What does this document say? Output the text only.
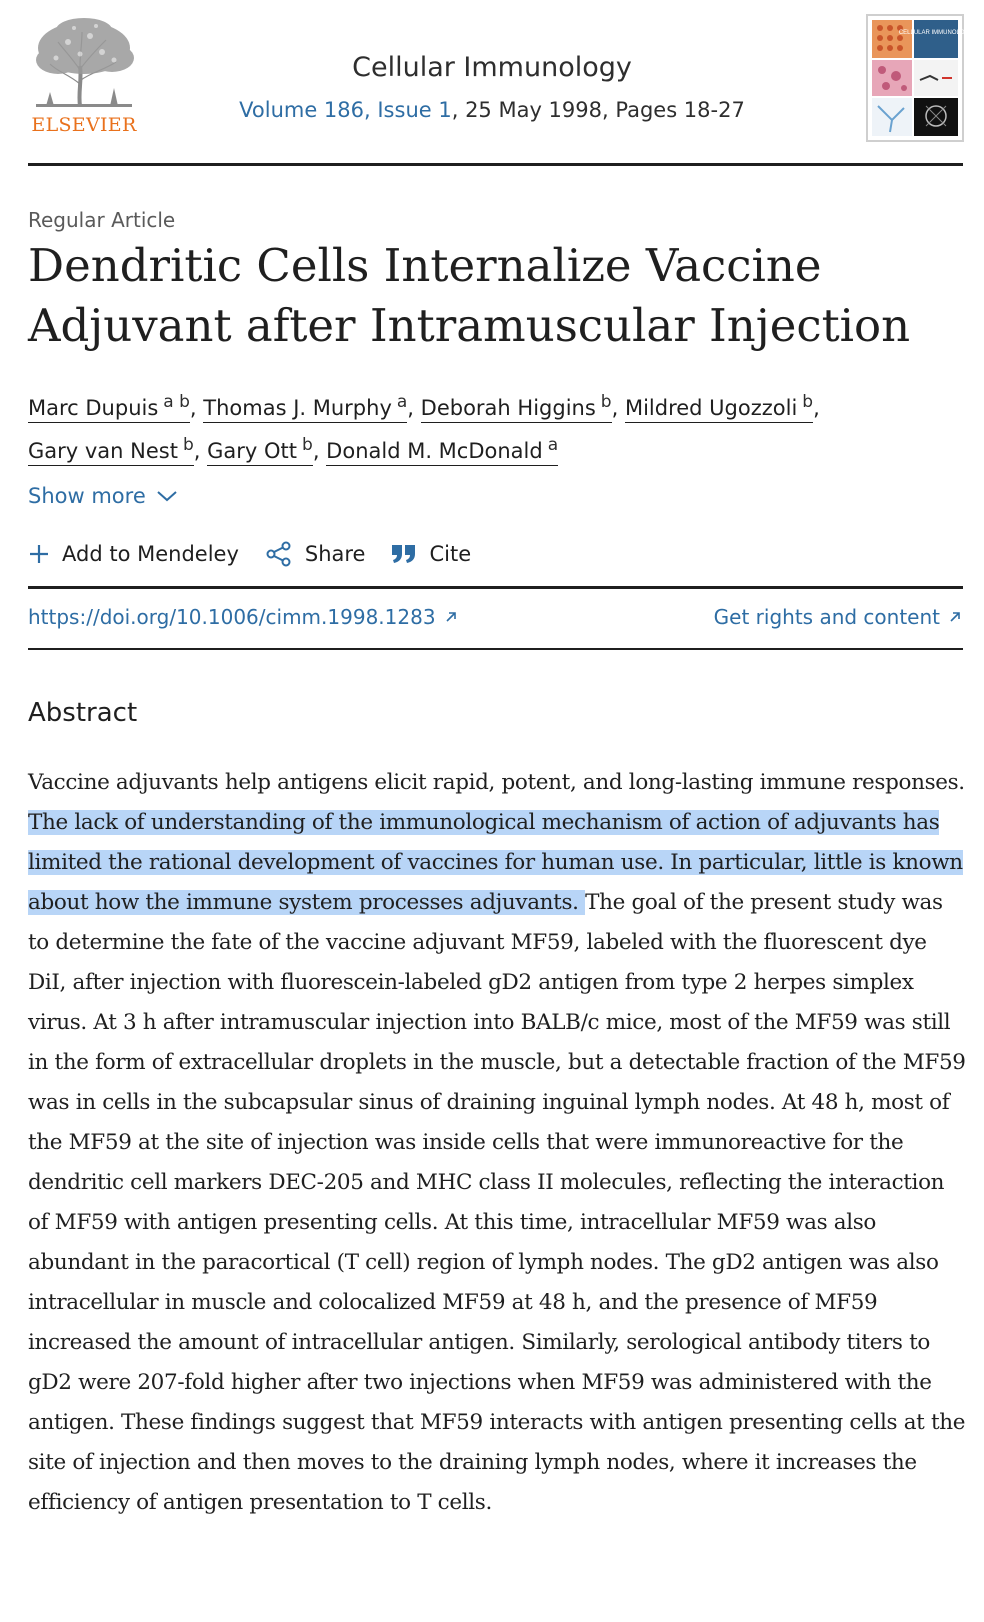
ELSEVIER
Cellular Immunology
Volume 186, Issue 1, 25 May 1998, Pages 18-27
CELLULAR IMMUNOLOGY
Regular Article
Dendritic Cells Internalize Vaccine Adjuvant after Intramuscular Injection
Marc Dupuis $^{a b}$, Thomas J. Murphy $^a$, Deborah Higgins $^b$, Mildred Ugozzoli $^b$,
Gary van Nest $^b$, Gary Ott $^b$, Donald M. McDonald $^a$
Show more
Add to Mendeley	Share	Cite
https://doi.org/10.1006/cimm.1998.1283	Get rights and content
Abstract
Vaccine adjuvants help antigens elicit rapid, potent, and long-lasting immune responses. The lack of understanding of the immunological mechanism of action of adjuvants has limited the rational development of vaccines for human use. In particular, little is known about how the immune system processes adjuvants. The goal of the present study was to determine the fate of the vaccine adjuvant MF59, labeled with the fluorescent dye DiI, after injection with fluorescein-labeled gD2 antigen from type 2 herpes simplex virus. At 3 h after intramuscular injection into BALB/c mice, most of the MF59 was still in the form of extracellular droplets in the muscle, but a detectable fraction of the MF59 was in cells in the subcapsular sinus of draining inguinal lymph nodes. At 48 h, most of the MF59 at the site of injection was inside cells that were immunoreactive for the dendritic cell markers DEC-205 and MHC class II molecules, reflecting the interaction of MF59 with antigen presenting cells. At this time, intracellular MF59 was also abundant in the paracortical (T cell) region of lymph nodes. The gD2 antigen was also intracellular in muscle and colocalized MF59 at 48 h, and the presence of MF59 increased the amount of intracellular antigen. Similarly, serological antibody titers to gD2 were 207-fold higher after two injections when MF59 was administered with the antigen. These findings suggest that MF59 interacts with antigen presenting cells at the site of injection and then moves to the draining lymph nodes, where it increases the efficiency of antigen presentation to T cells.
